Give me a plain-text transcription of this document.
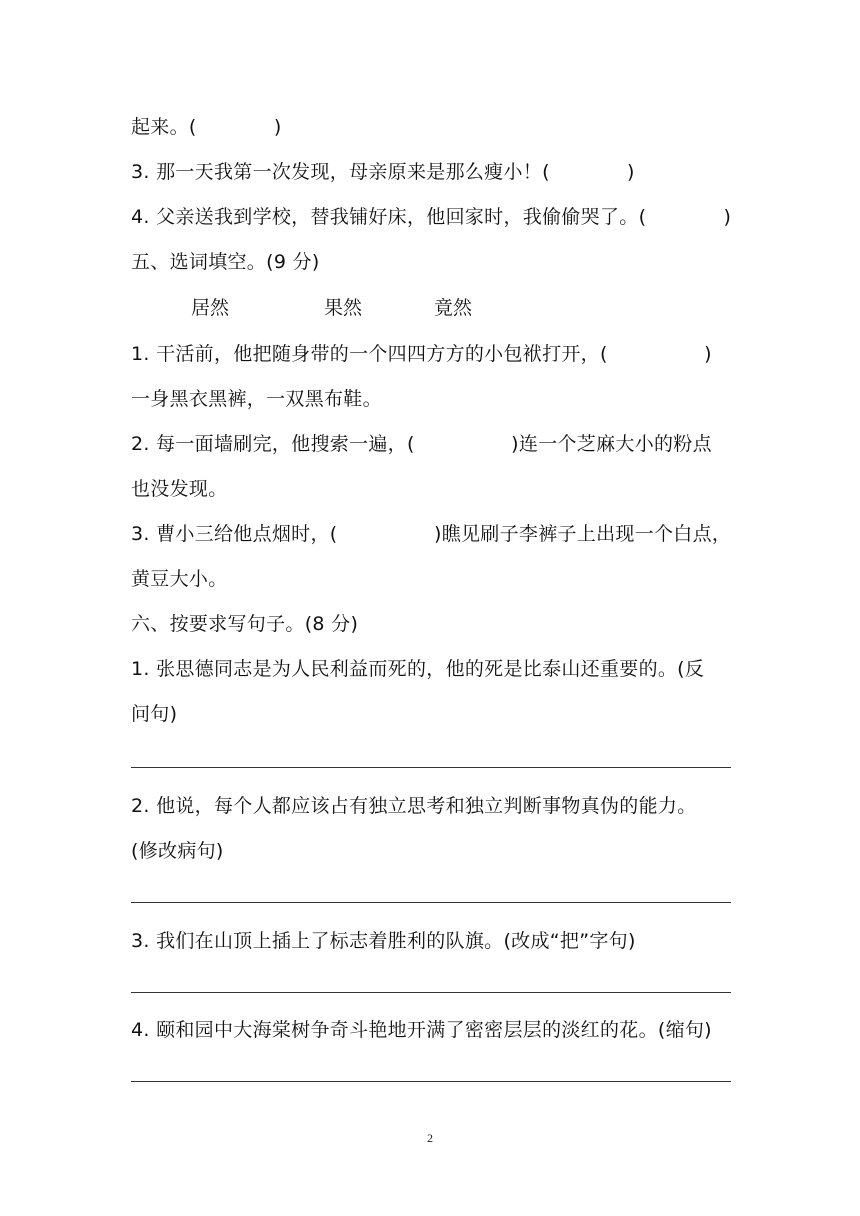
起来。(　　　　)
3. 那一天我第一次发现，母亲原来是那么瘦小！(　　　　)
4. 父亲送我到学校，替我铺好床，他回家时，我偷偷哭了。(　　　　)
五、选词填空。(9 分)
居然	果然	竟然
1. 干活前，他把随身带的一个四四方方的小包袱打开，(　　　　　)
一身黑衣黑裤，一双黑布鞋。
2. 每一面墙刷完，他搜索一遍，(　　　　　)连一个芝麻大小的粉点
也没发现。
3. 曹小三给他点烟时，(　　　　　)瞧见刷子李裤子上出现一个白点，
黄豆大小。
六、按要求写句子。(8 分)
1. 张思德同志是为人民利益而死的，他的死是比泰山还重要的。(反
问句)
2. 他说，每个人都应该占有独立思考和独立判断事物真伪的能力。
(修改病句)
3. 我们在山顶上插上了标志着胜利的队旗。(改成“把”字句)
4. 颐和园中大海棠树争奇斗艳地开满了密密层层的淡红的花。(缩句)
2
